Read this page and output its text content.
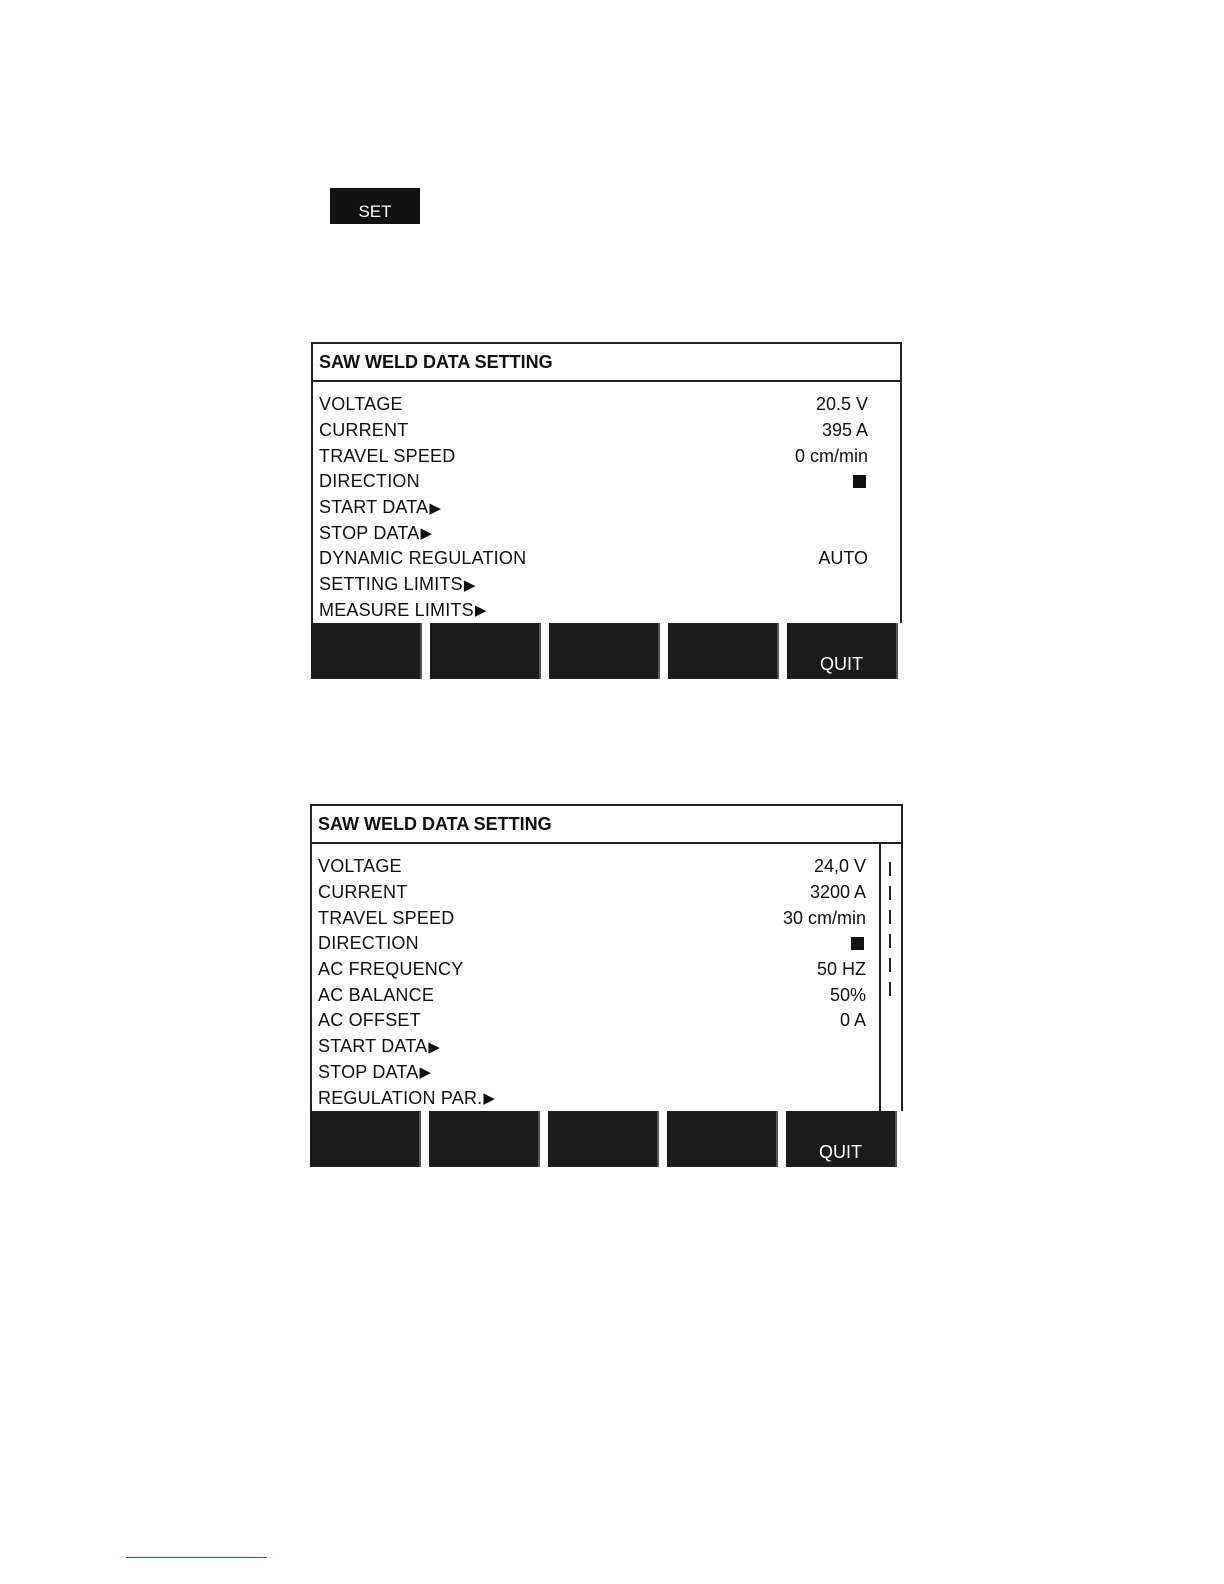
SET
SAW WELD DATA SETTING
VOLTAGE	20.5 V
CURRENT	395 A
TRAVEL SPEED	0 cm/min
DIRECTION
START DATA ▶
STOP DATA ▶
DYNAMIC REGULATION	AUTO
SETTING LIMITS ▶
MEASURE LIMITS ▶
QUIT
SAW WELD DATA SETTING
VOLTAGE	24,0 V
CURRENT	3200 A
TRAVEL SPEED	30 cm/min
DIRECTION
AC FREQUENCY	50 HZ
AC BALANCE	50%
AC OFFSET	0 A
START DATA ▶
STOP DATA ▶
REGULATION PAR. ▶
QUIT
